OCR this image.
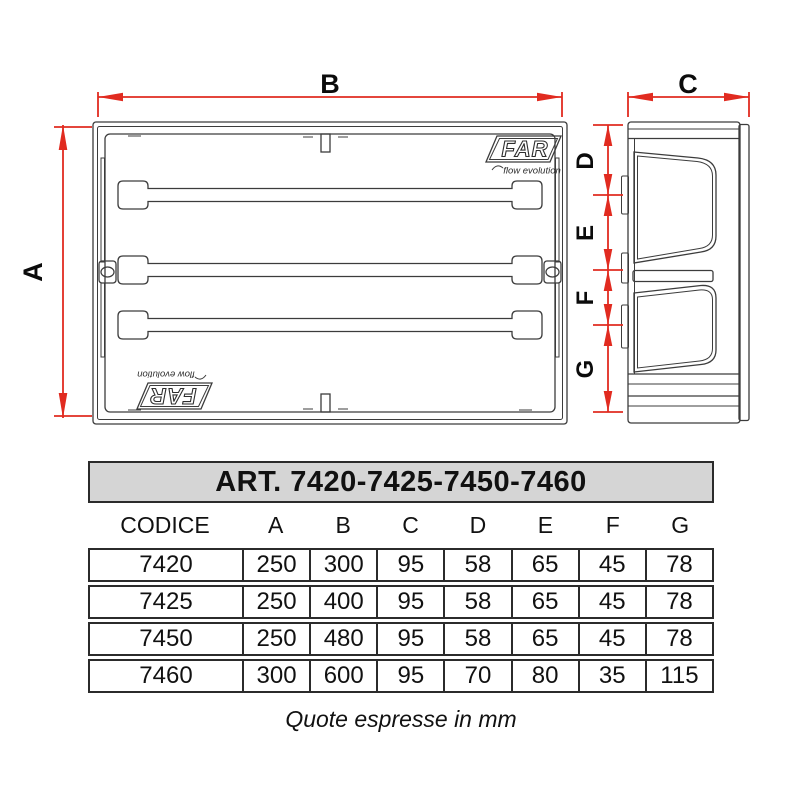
FAR
flow evolution
FAR
flow evolution
B
A
C
D
E
F
G
ART. 7420-7425-7450-7460
CODICE	A	B	C	D	E	F	G
7420	250	300	95	58	65	45	78
7425	250	400	95	58	65	45	78
7450	250	480	95	58	65	45	78
7460	300	600	95	70	80	35	115
Quote espresse in mm
